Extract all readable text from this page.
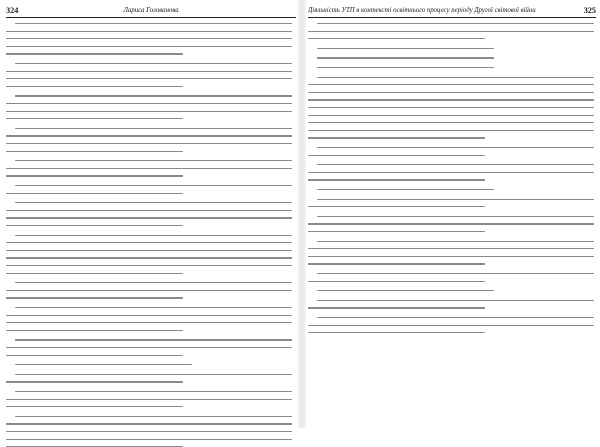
324	Лариса Голованова	Діяльність УТП в контексті освітнього процесу періоду Другої світової війни	325
